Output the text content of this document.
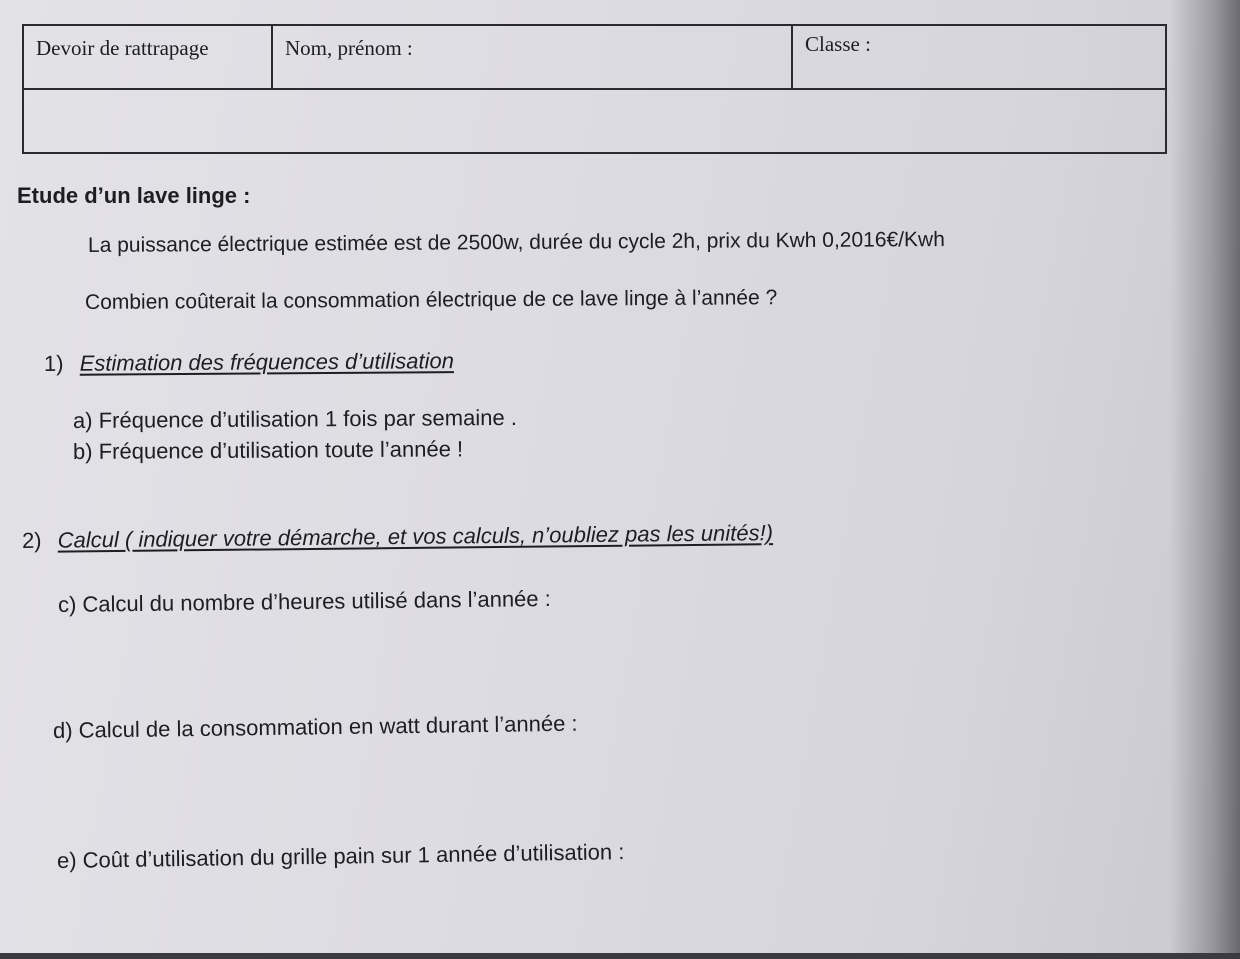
Devoir de rattrapage	Nom, prénom :	Classe :
Etude d’un lave linge :
La puissance électrique estimée est de 2500w, durée du cycle 2h, prix du Kwh 0,2016€/Kwh
Combien coûterait la consommation électrique de ce lave linge à l’année ?
1) Estimation des fréquences d’utilisation
a) Fréquence d’utilisation 1 fois par semaine .
b) Fréquence d’utilisation toute l’année !
2) Calcul ( indiquer votre démarche, et vos calculs, n’oubliez pas les unités!)
c) Calcul du nombre d’heures utilisé dans l’année :
d) Calcul de la consommation en watt durant l’année :
e) Coût d’utilisation du grille pain sur 1 année d’utilisation :
